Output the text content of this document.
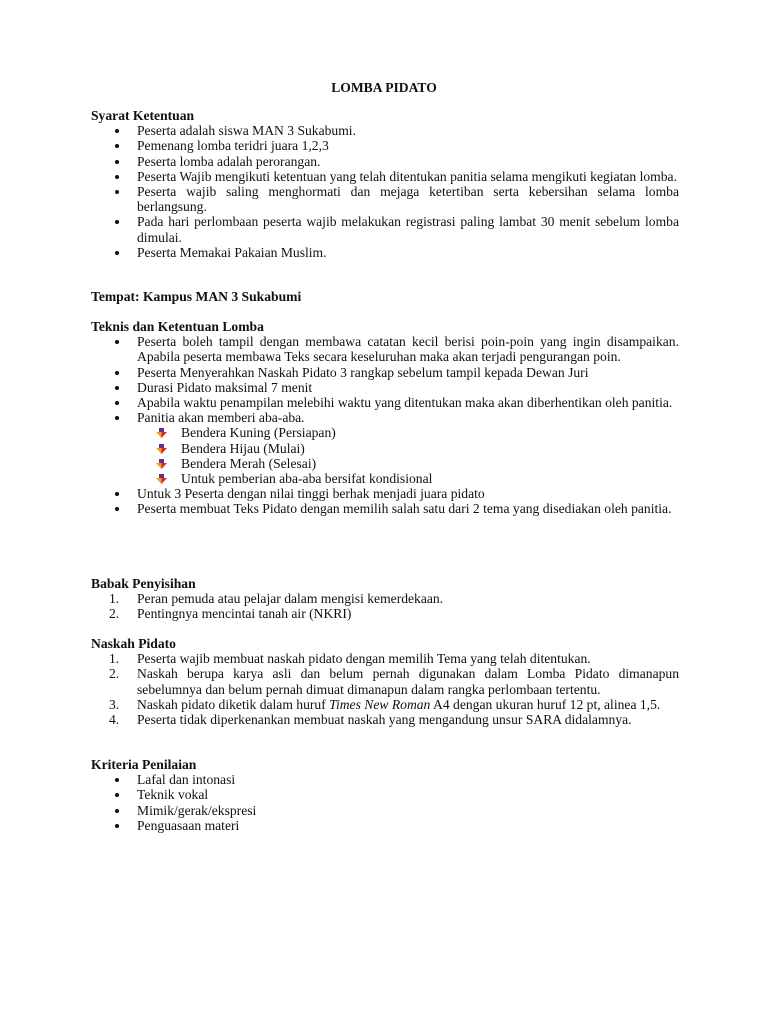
LOMBA PIDATO

Syarat Ketentuan

Peserta adalah siswa MAN 3 Sukabumi.
Pemenang lomba teridri juara 1,2,3
Peserta lomba adalah perorangan.
Peserta Wajib mengikuti ketentuan yang telah ditentukan panitia selama mengikuti kegiatan lomba.
Peserta wajib saling menghormati dan mejaga ketertiban serta kebersihan selama lomba berlangsung.
Pada hari perlombaan peserta wajib melakukan registrasi paling lambat 30 menit sebelum lomba dimulai.
Peserta Memakai Pakaian Muslim.

Tempat: Kampus MAN 3 Sukabumi

Teknis dan Ketentuan Lomba

Peserta boleh tampil dengan membawa catatan kecil berisi poin-poin yang ingin disampaikan. Apabila peserta membawa Teks secara keseluruhan maka akan terjadi pengurangan poin.
Peserta Menyerahkan Naskah Pidato 3 rangkap sebelum tampil kepada Dewan Juri
Durasi Pidato maksimal 7 menit
Apabila waktu penampilan melebihi waktu yang ditentukan maka akan diberhentikan oleh panitia.
Panitia akan memberi aba-aba.
Bendera Kuning (Persiapan)
Bendera Hijau (Mulai)
Bendera Merah (Selesai)
Untuk pemberian aba-aba bersifat kondisional
Untuk 3 Peserta dengan nilai tinggi berhak menjadi juara pidato
Peserta membuat Teks Pidato dengan memilih salah satu dari 2 tema yang disediakan oleh panitia.

Babak Penyisihan

1. Peran pemuda atau pelajar dalam mengisi kemerdekaan.
2. Pentingnya mencintai tanah air (NKRI)

Naskah Pidato

1. Peserta wajib membuat naskah pidato dengan memilih Tema yang telah ditentukan.
2. Naskah berupa karya asli dan belum pernah digunakan dalam Lomba Pidato dimanapun sebelumnya dan belum pernah dimuat dimanapun dalam rangka perlombaan tertentu.
3. Naskah pidato diketik dalam huruf Times New Roman A4 dengan ukuran huruf 12 pt, alinea 1,5.
4. Peserta tidak diperkenankan membuat naskah yang mengandung unsur SARA didalamnya.

Kriteria Penilaian

Lafal dan intonasi
Teknik vokal
Mimik/gerak/ekspresi
Penguasaan materi
